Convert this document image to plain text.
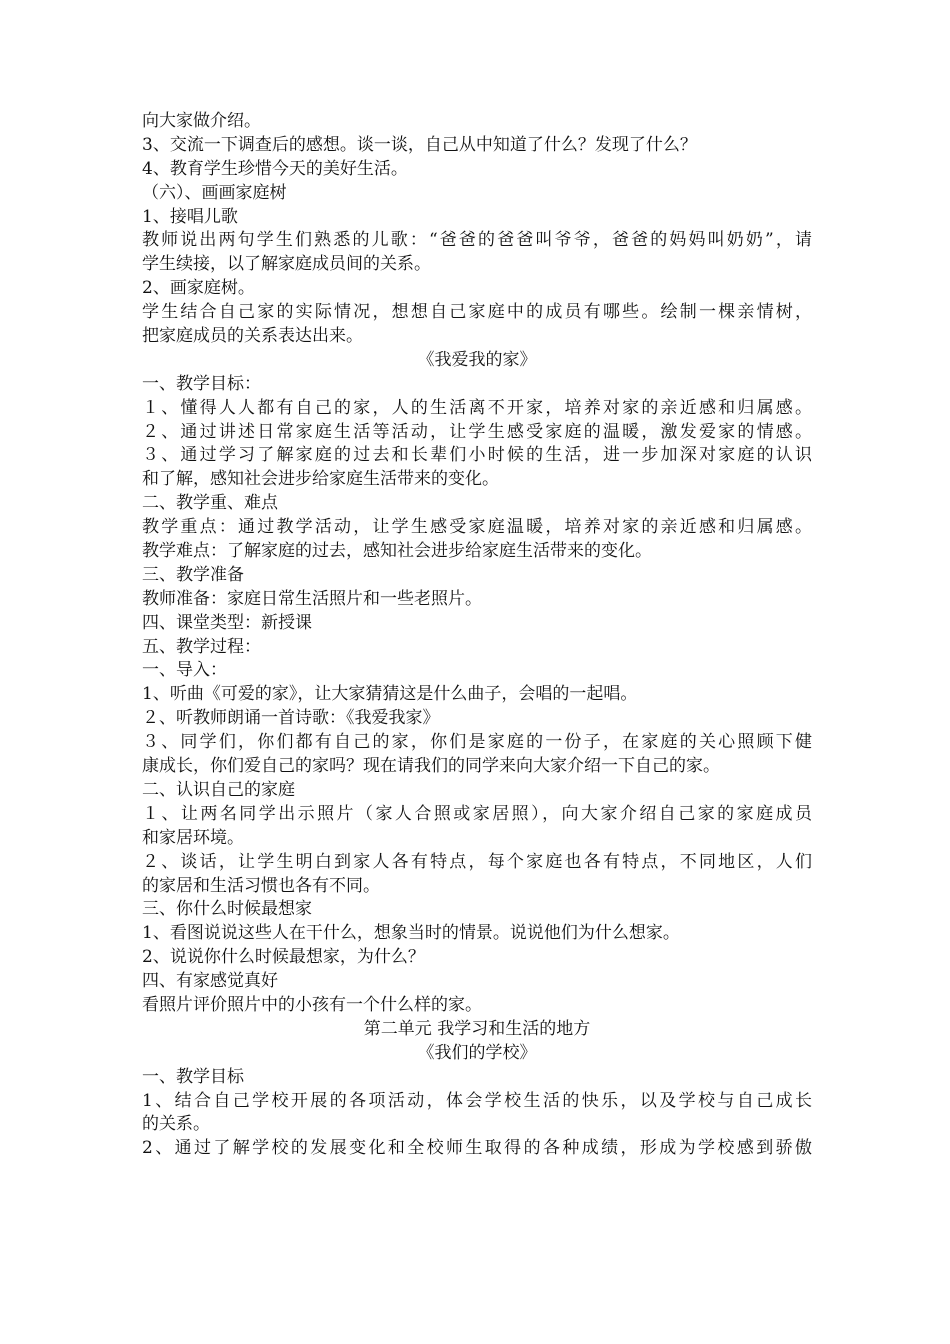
向大家做介绍。
3、交流一下调查后的感想。谈一谈，自己从中知道了什么？发现了什么？
4、教育学生珍惜今天的美好生活。
（六）、画画家庭树
1、接唱儿歌
教师说出两句学生们熟悉的儿歌：“爸爸的爸爸叫爷爷，爸爸的妈妈叫奶奶”，请
学生续接，以了解家庭成员间的关系。
2、画家庭树。
学生结合自己家的实际情况，想想自己家庭中的成员有哪些。绘制一棵亲情树，
把家庭成员的关系表达出来。
《我爱我的家》
一、教学目标：
１、懂得人人都有自己的家，人的生活离不开家，培养对家的亲近感和归属感。
２、通过讲述日常家庭生活等活动，让学生感受家庭的温暖，激发爱家的情感。
３、通过学习了解家庭的过去和长辈们小时候的生活，进一步加深对家庭的认识
和了解，感知社会进步给家庭生活带来的变化。
二、教学重、难点
教学重点：通过教学活动，让学生感受家庭温暖，培养对家的亲近感和归属感。
教学难点：了解家庭的过去，感知社会进步给家庭生活带来的变化。
三、教学准备
教师准备：家庭日常生活照片和一些老照片。
四、课堂类型：新授课
五、教学过程：
一、导入：
1、听曲《可爱的家》，让大家猜猜这是什么曲子，会唱的一起唱。
２、听教师朗诵一首诗歌：《我爱我家》
３、同学们，你们都有自己的家，你们是家庭的一份子，在家庭的关心照顾下健
康成长，你们爱自己的家吗？现在请我们的同学来向大家介绍一下自己的家。
二、认识自己的家庭
１、让两名同学出示照片（家人合照或家居照），向大家介绍自己家的家庭成员
和家居环境。
２、谈话，让学生明白到家人各有特点，每个家庭也各有特点，不同地区，人们
的家居和生活习惯也各有不同。
三、你什么时候最想家
1、看图说说这些人在干什么，想象当时的情景。说说他们为什么想家。
2、说说你什么时候最想家，为什么？
四、有家感觉真好
看照片评价照片中的小孩有一个什么样的家。
第二单元 我学习和生活的地方
《我们的学校》
一、教学目标
1、结合自己学校开展的各项活动，体会学校生活的快乐，以及学校与自己成长
的关系。
2、通过了解学校的发展变化和全校师生取得的各种成绩，形成为学校感到骄傲
